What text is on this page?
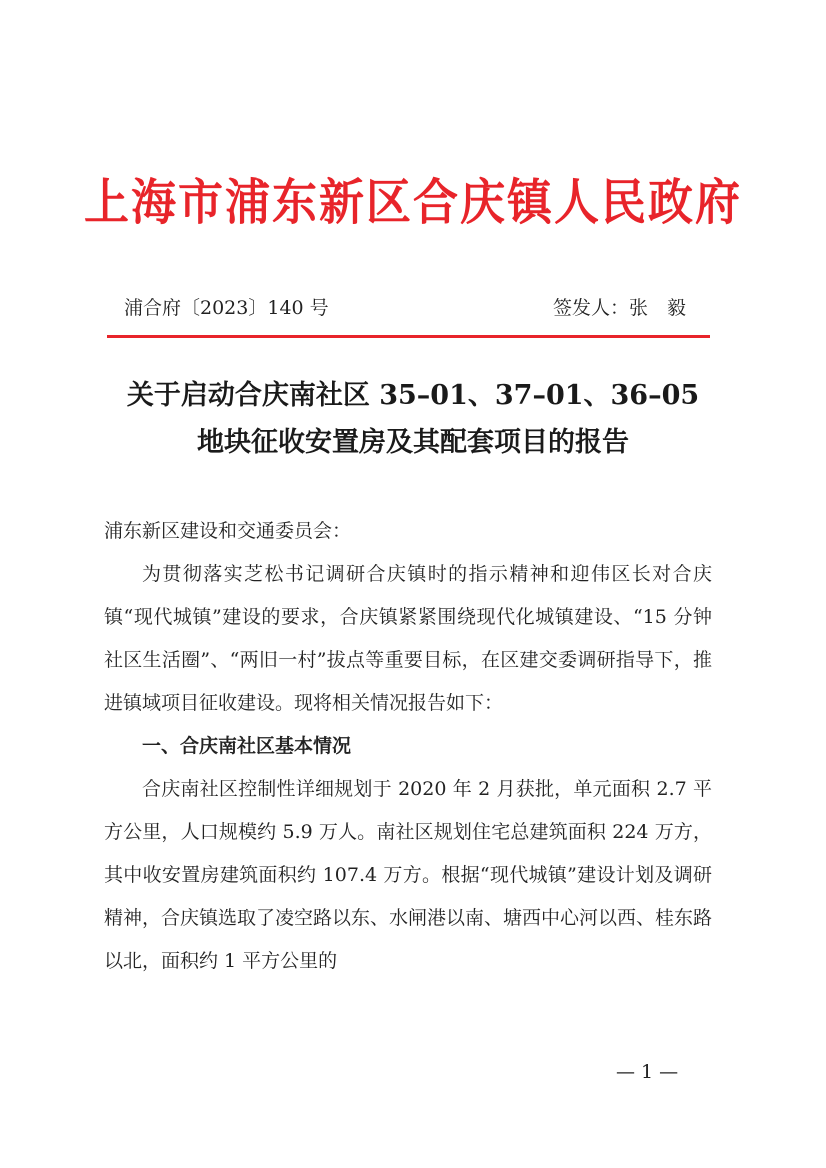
上海市浦东新区合庆镇人民政府
浦合府〔2023〕140 号	签发人：张　毅
关于启动合庆南社区 35–01、37–01、36–05
地块征收安置房及其配套项目的报告

浦东新区建设和交通委员会：

为贯彻落实芝松书记调研合庆镇时的指示精神和迎伟区长对合庆镇“现代城镇”建设的要求，合庆镇紧紧围绕现代化城镇建设、“15 分钟社区生活圈”、“两旧一村”拔点等重要目标，在区建交委调研指导下，推进镇域项目征收建设。现将相关情况报告如下：

一、合庆南社区基本情况

合庆南社区控制性详细规划于 2020 年 2 月获批，单元面积 2.7 平方公里，人口规模约 5.9 万人。南社区规划住宅总建筑面积 224 万方，其中收安置房建筑面积约 107.4 万方。根据“现代城镇”建设计划及调研精神，合庆镇选取了凌空路以东、水闸港以南、塘西中心河以西、桂东路以北，面积约 1 平方公里的

— 1 —
